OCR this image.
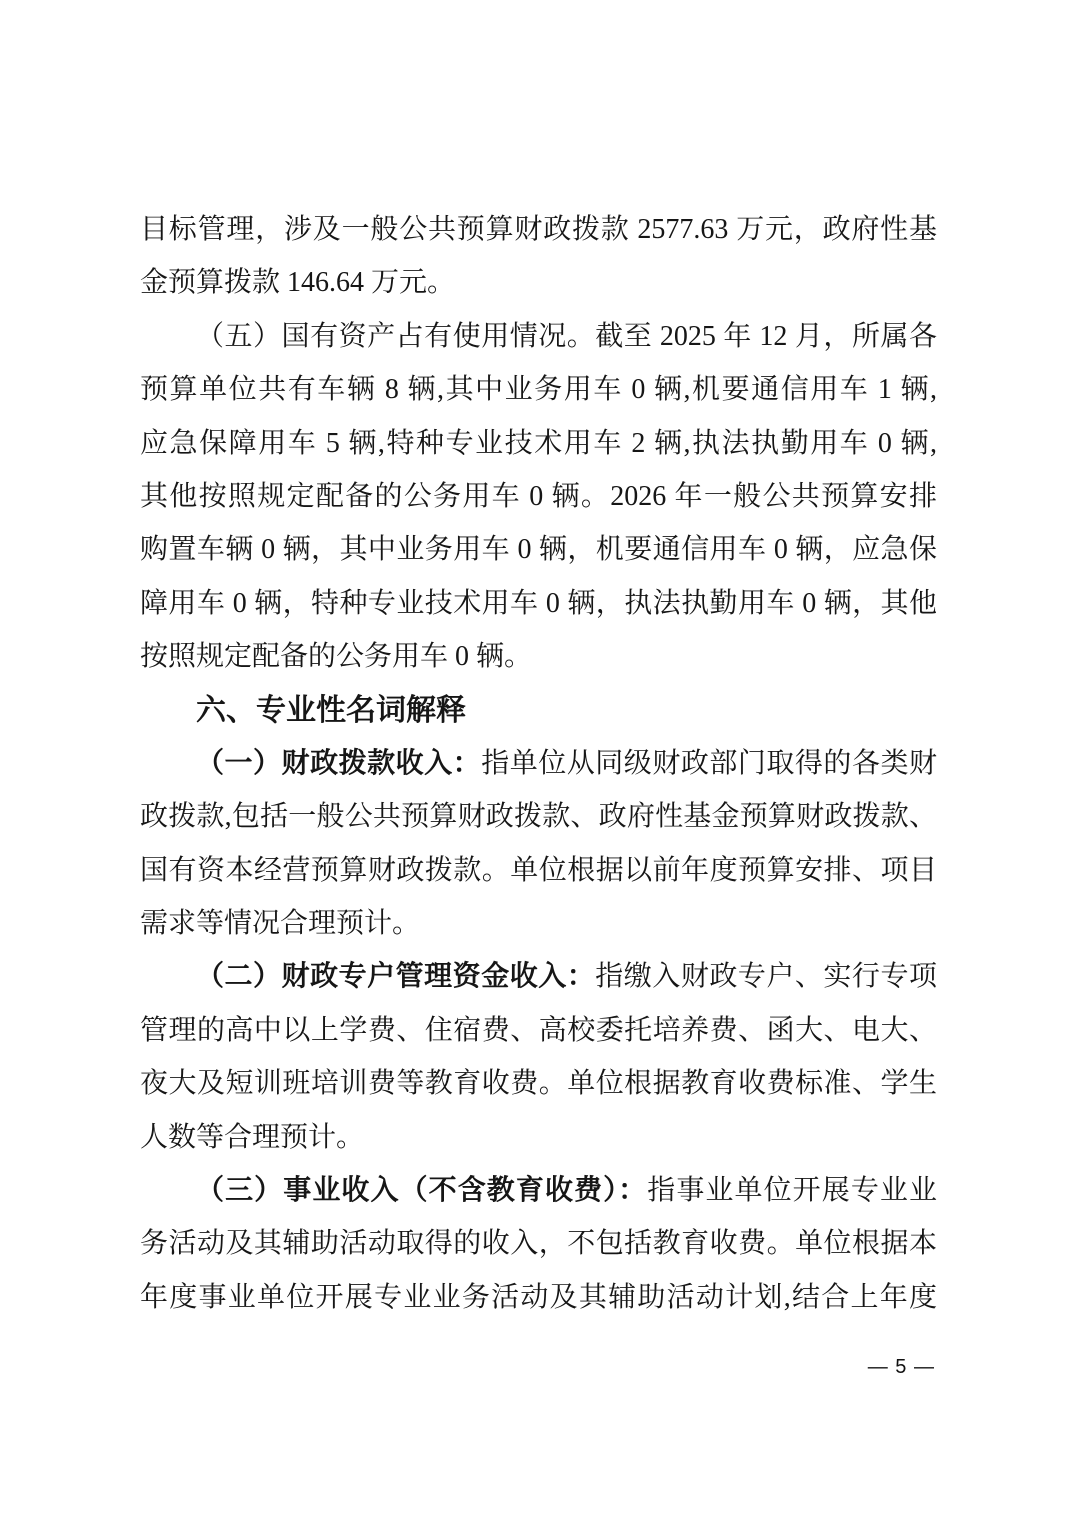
目标管理，涉及一般公共预算财政拨款 2577.63 万元，政府性基
金预算拨款 146.64 万元。
（五）国有资产占有使用情况。截至 2025 年 12 月，所属各
预算单位共有车辆 8 辆,其中业务用车 0 辆,机要通信用车 1 辆,
应急保障用车 5 辆,特种专业技术用车 2 辆,执法执勤用车 0 辆,
其他按照规定配备的公务用车 0 辆。2026 年一般公共预算安排
购置车辆 0 辆，其中业务用车 0 辆，机要通信用车 0 辆，应急保
障用车 0 辆，特种专业技术用车 0 辆，执法执勤用车 0 辆，其他
按照规定配备的公务用车 0 辆。
六、专业性名词解释
（一）财政拨款收入：指单位从同级财政部门取得的各类财
政拨款,包括一般公共预算财政拨款、政府性基金预算财政拨款、
国有资本经营预算财政拨款。单位根据以前年度预算安排、项目
需求等情况合理预计。
（二）财政专户管理资金收入：指缴入财政专户、实行专项
管理的高中以上学费、住宿费、高校委托培养费、函大、电大、
夜大及短训班培训费等教育收费。单位根据教育收费标准、学生
人数等合理预计。
（三）事业收入（不含教育收费）：指事业单位开展专业业
务活动及其辅助活动取得的收入，不包括教育收费。单位根据本
年度事业单位开展专业业务活动及其辅助活动计划,结合上年度
— 5 —
